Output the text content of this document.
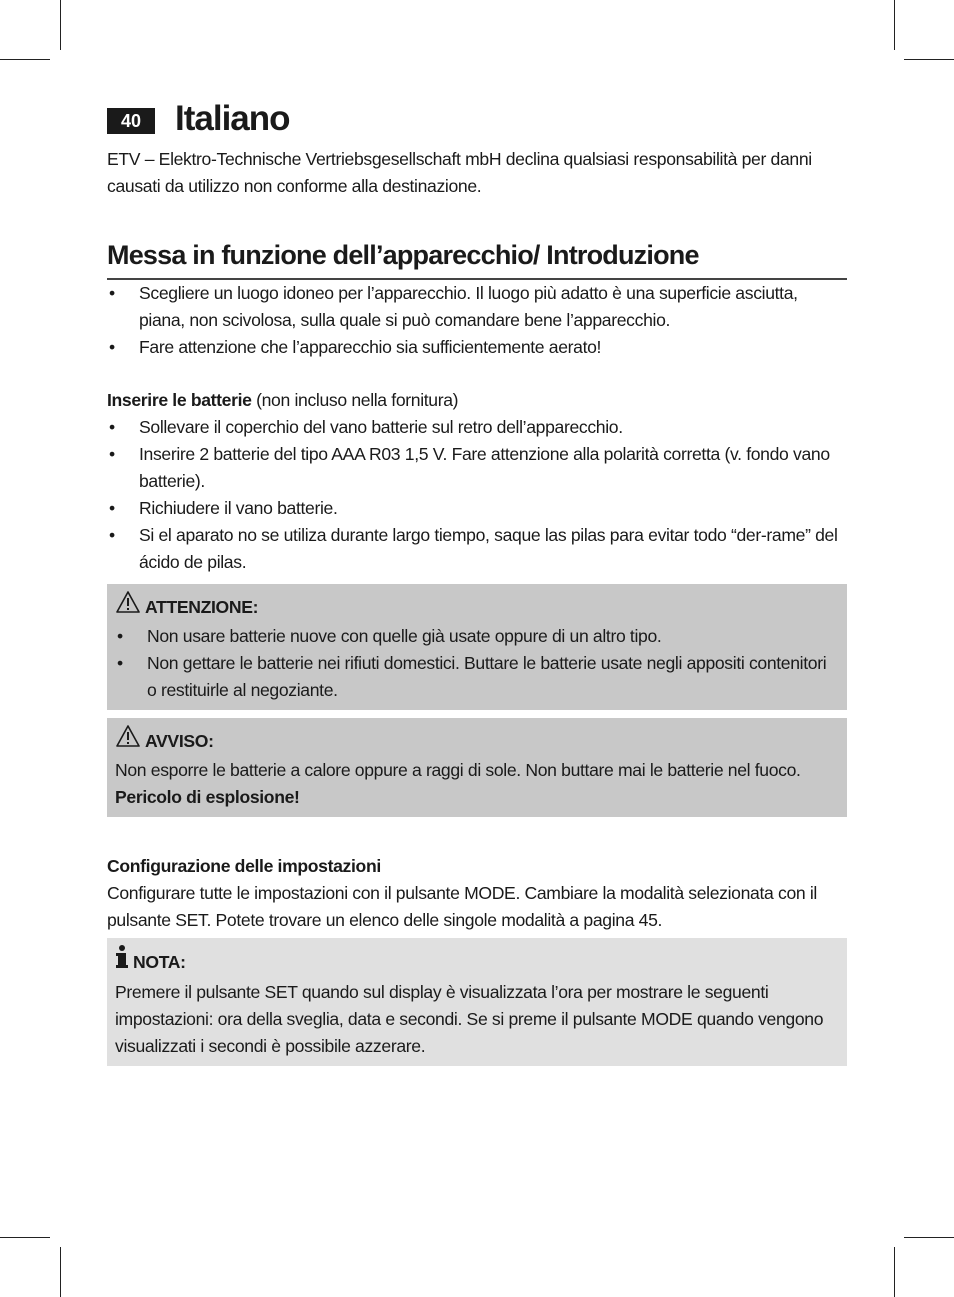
40 Italiano

ETV – Elektro-Technische Vertriebsgesellschaft mbH declina qualsiasi responsabilità per danni causati da utilizzo non conforme alla destinazione.

Messa in funzione dell’apparecchio/ Introduzione
• Scegliere un luogo idoneo per l’apparecchio. Il luogo più adatto è una superficie asciutta, piana, non scivolosa, sulla quale si può comandare bene l’apparecchio.
• Fare attenzione che l’apparecchio sia sufficientemente aerato!
Inserire le batterie (non incluso nella fornitura)
• Sollevare il coperchio del vano batterie sul retro dell’apparecchio.
• Inserire 2 batterie del tipo AAA R03 1,5 V. Fare attenzione alla polarità corretta (v. fondo vano batterie).
• Richiudere il vano batterie.
• Si el aparato no se utiliza durante largo tiempo, saque las pilas para evitar todo “der-rame” del ácido de pilas.
ATTENZIONE:
• Non usare batterie nuove con quelle già usate oppure di un altro tipo.
• Non gettare le batterie nei rifiuti domestici. Buttare le batterie usate negli appositi contenitori o restituirle al negoziante.
AVVISO:

Non esporre le batterie a calore oppure a raggi di sole. Non buttare mai le batterie nel fuoco. Pericolo di esplosione!

Configurazione delle impostazioni

Configurare tutte le impostazioni con il pulsante MODE. Cambiare la modalità selezionata con il pulsante SET. Potete trovare un elenco delle singole modalità a pagina 45.

NOTA:

Premere il pulsante SET quando sul display è visualizzata l’ora per mostrare le seguenti impostazioni: ora della sveglia, data e secondi. Se si preme il pulsante MODE quando vengono visualizzati i secondi è possibile azzerare.
